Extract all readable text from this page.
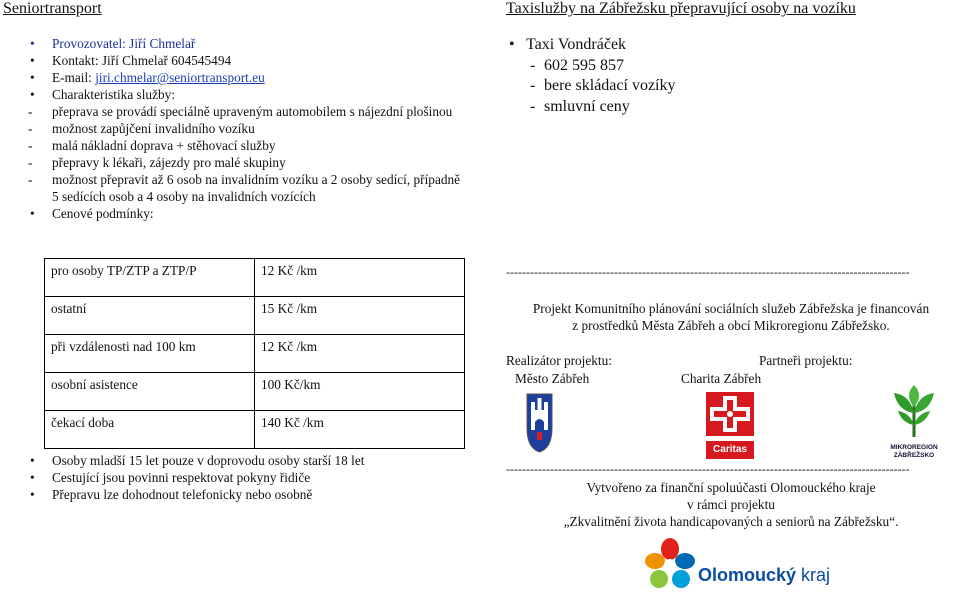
Seniortransport
• Provozovatel: Jiří Chmelař
• Kontakt: Jiří Chmelař 604545494
• E-mail: jiri.chmelar@seniortransport.eu
• Charakteristika služby:
- přeprava se provádí speciálně upraveným automobilem s nájezdní plošinou
- možnost zapůjčení invalidního vozíku
- malá nákladní doprava + stěhovací služby
- přepravy k lékaři, zájezdy pro malé skupiny
- možnost přepravit až 6 osob na invalidním vozíku a 2 osoby sedící, případně 5 sedících osob a 4 osoby na invalidních vozících
• Cenové podmínky:
pro osoby TP/ZTP a ZTP/P	12 Kč /km
ostatní	15 Kč /km
při vzdálenosti nad 100 km	12 Kč /km
osobní asistence	100 Kč/km
čekací doba	140 Kč /km
• Osoby mladší 15 let pouze v doprovodu osoby starší 18 let
• Cestující jsou povinni respektovat pokyny řidiče
• Přepravu lze dohodnout telefonicky nebo osobně
Taxislužby na Zábřežsku přepravující osoby na vozíku
• Taxi Vondráček
- 602 595 857
- bere skládací vozíky
- smluvní ceny
-----------------------------------------------------------------------------------------------------
Projekt Komunitního plánování sociálních služeb Zábřežska je financován
z prostředků Města Zábřeh a obcí Mikroregionu Zábřežsko.
Realizátor projektu:
Město Zábřeh
Partneři projektu:
Charita Zábřeh
Caritas	MIKROREGION ZÁBŘEŽSKO
-----------------------------------------------------------------------------------------------------
Vytvořeno za finanční spoluúčasti Olomouckého kraje
v rámci projektu
„Zkvalitnění života handicapovaných a seniorů na Zábřežsku“.
Olomoucký kraj
